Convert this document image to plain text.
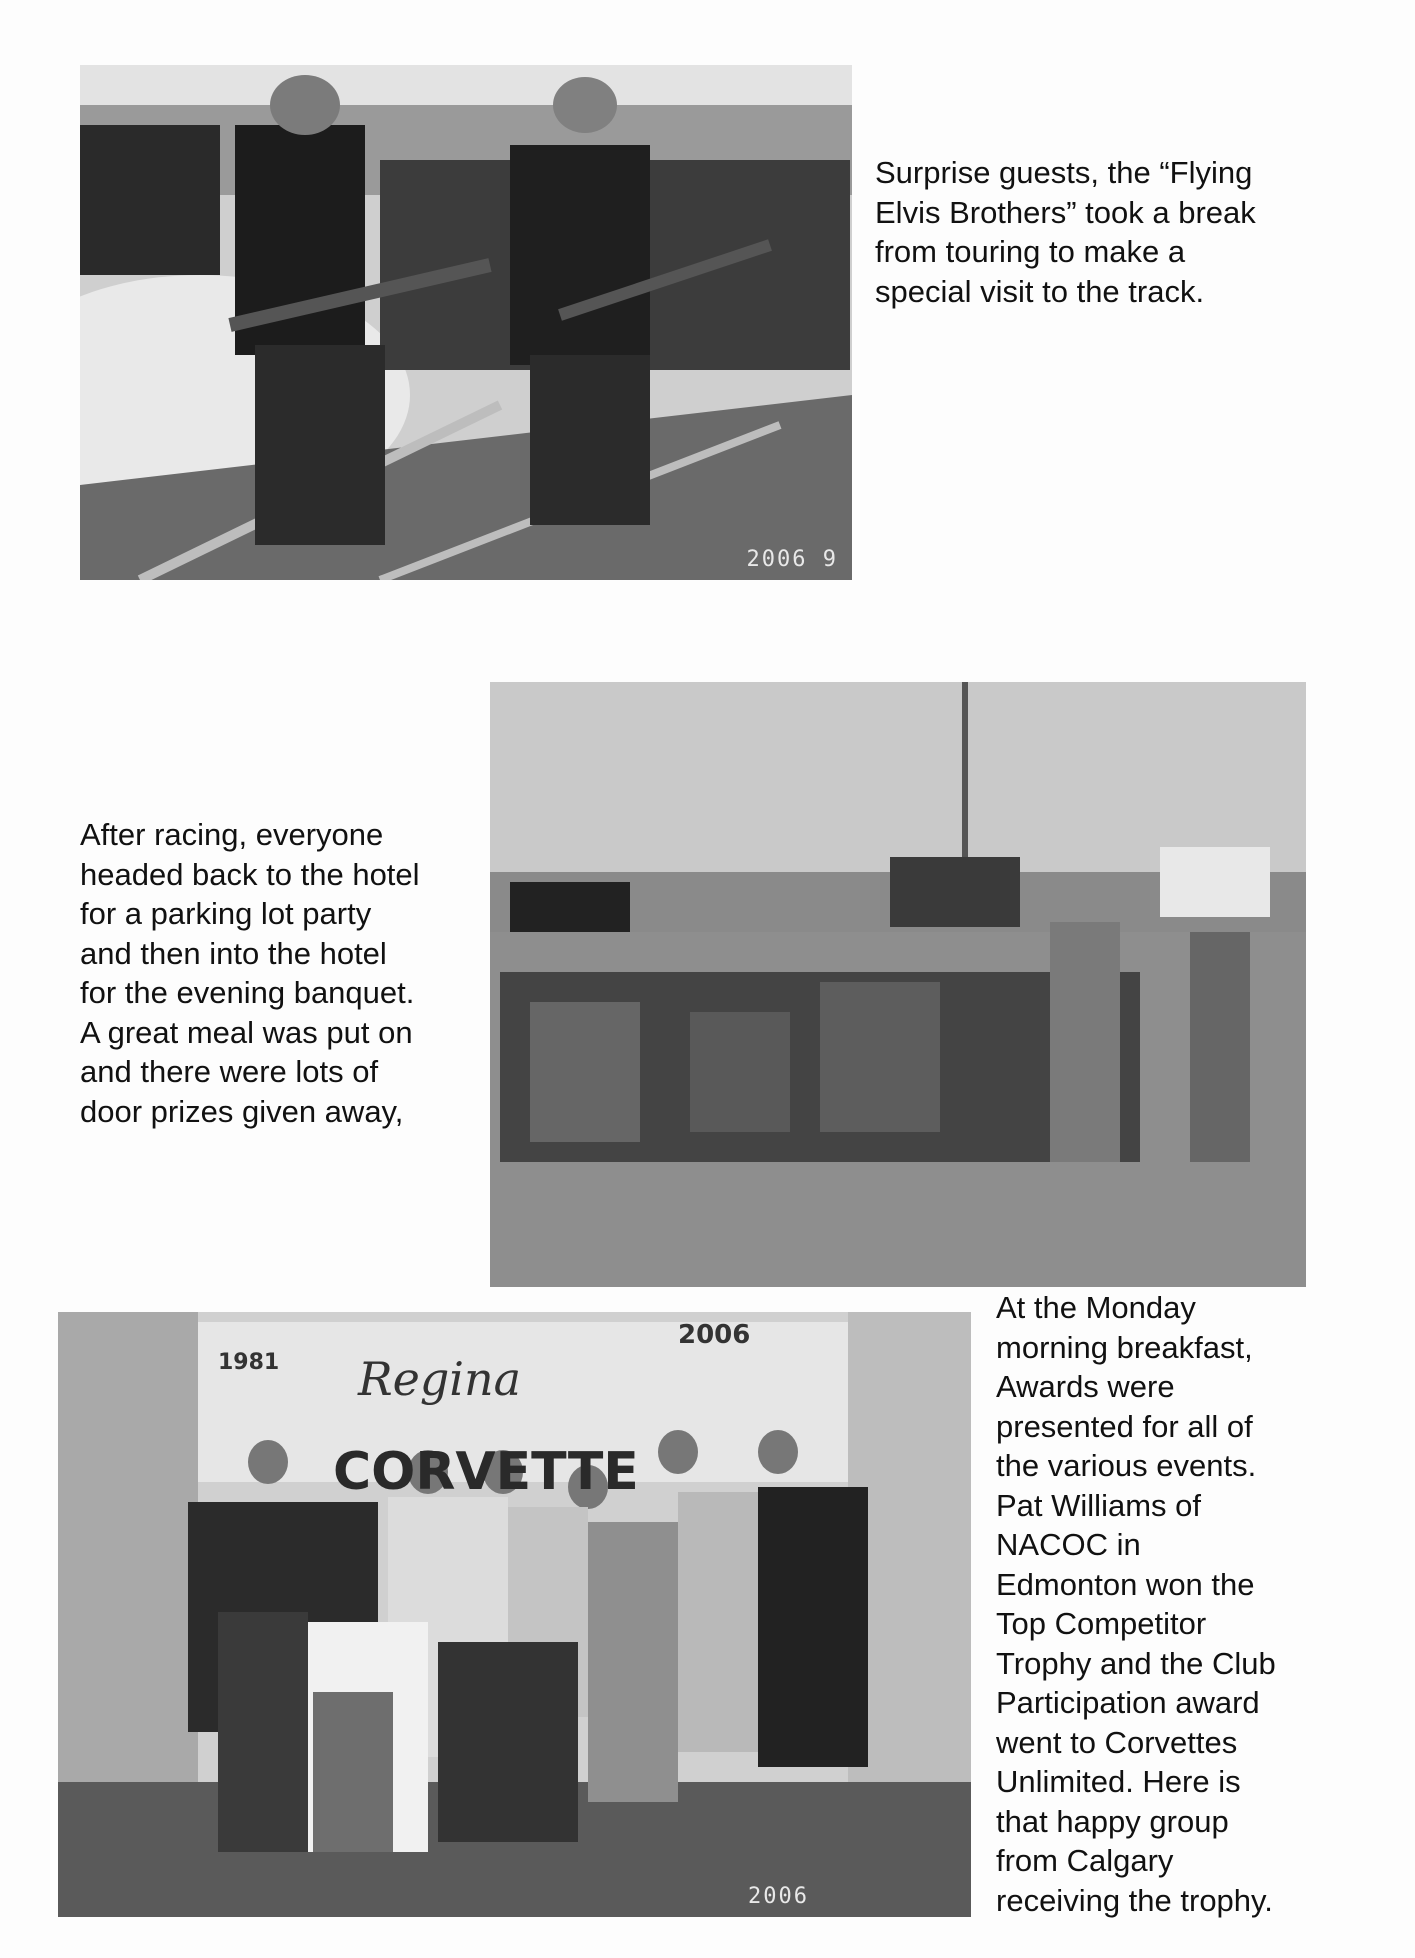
2006 9

Surprise guests, the “Flying
Elvis Brothers” took a break
from touring to make a
special visit to the track.

After racing, everyone
headed back to the hotel
for a parking lot party
and then into the hotel
for the evening banquet.
A great meal was put on
and there were lots of
door prizes given away,

1981
2006
Regina
CORVETTE
2006

At the Monday
morning breakfast,
Awards were
presented for all of
the various events.
Pat Williams of
NACOC in
Edmonton won the
Top Competitor
Trophy and the Club
Participation award
went to Corvettes
Unlimited. Here is
that happy group
from Calgary
receiving the trophy.
